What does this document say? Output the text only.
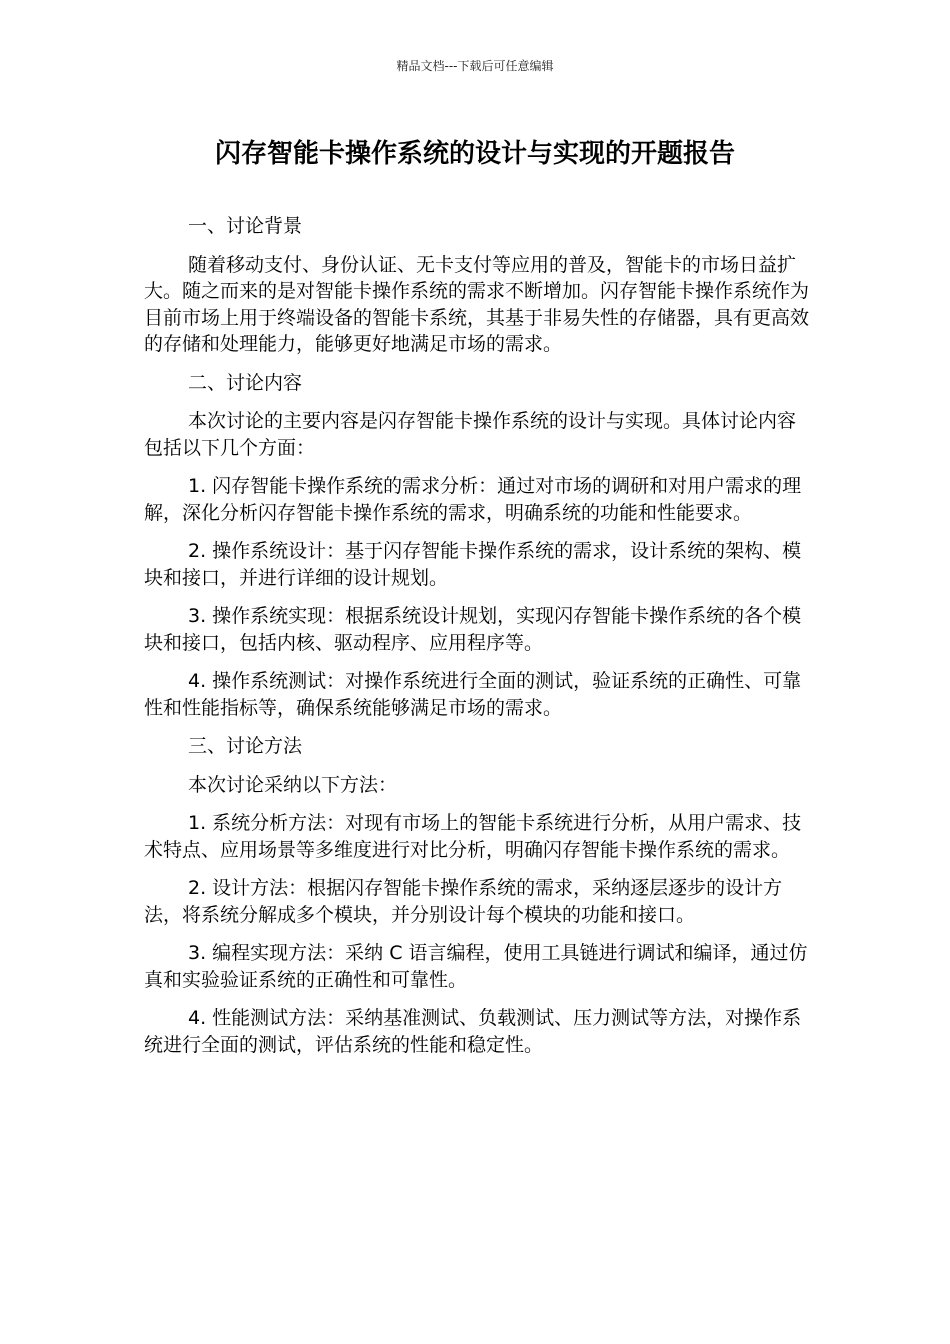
精品文档---下载后可任意编辑
闪存智能卡操作系统的设计与实现的开题报告

一、讨论背景

随着移动支付、身份认证、无卡支付等应用的普及，智能卡的市场日益扩大。随之而来的是对智能卡操作系统的需求不断增加。闪存智能卡操作系统作为目前市场上用于终端设备的智能卡系统，其基于非易失性的存储器，具有更高效的存储和处理能力，能够更好地满足市场的需求。

二、讨论内容

本次讨论的主要内容是闪存智能卡操作系统的设计与实现。具体讨论内容包括以下几个方面：

1. 闪存智能卡操作系统的需求分析：通过对市场的调研和对用户需求的理解，深化分析闪存智能卡操作系统的需求，明确系统的功能和性能要求。

2. 操作系统设计：基于闪存智能卡操作系统的需求，设计系统的架构、模块和接口，并进行详细的设计规划。

3. 操作系统实现：根据系统设计规划，实现闪存智能卡操作系统的各个模块和接口，包括内核、驱动程序、应用程序等。

4. 操作系统测试：对操作系统进行全面的测试，验证系统的正确性、可靠性和性能指标等，确保系统能够满足市场的需求。

三、讨论方法

本次讨论采纳以下方法：

1. 系统分析方法：对现有市场上的智能卡系统进行分析，从用户需求、技术特点、应用场景等多维度进行对比分析，明确闪存智能卡操作系统的需求。

2. 设计方法：根据闪存智能卡操作系统的需求，采纳逐层逐步的设计方法，将系统分解成多个模块，并分别设计每个模块的功能和接口。

3. 编程实现方法：采纳 C 语言编程，使用工具链进行调试和编译，通过仿真和实验验证系统的正确性和可靠性。

4. 性能测试方法：采纳基准测试、负载测试、压力测试等方法，对操作系统进行全面的测试，评估系统的性能和稳定性。
